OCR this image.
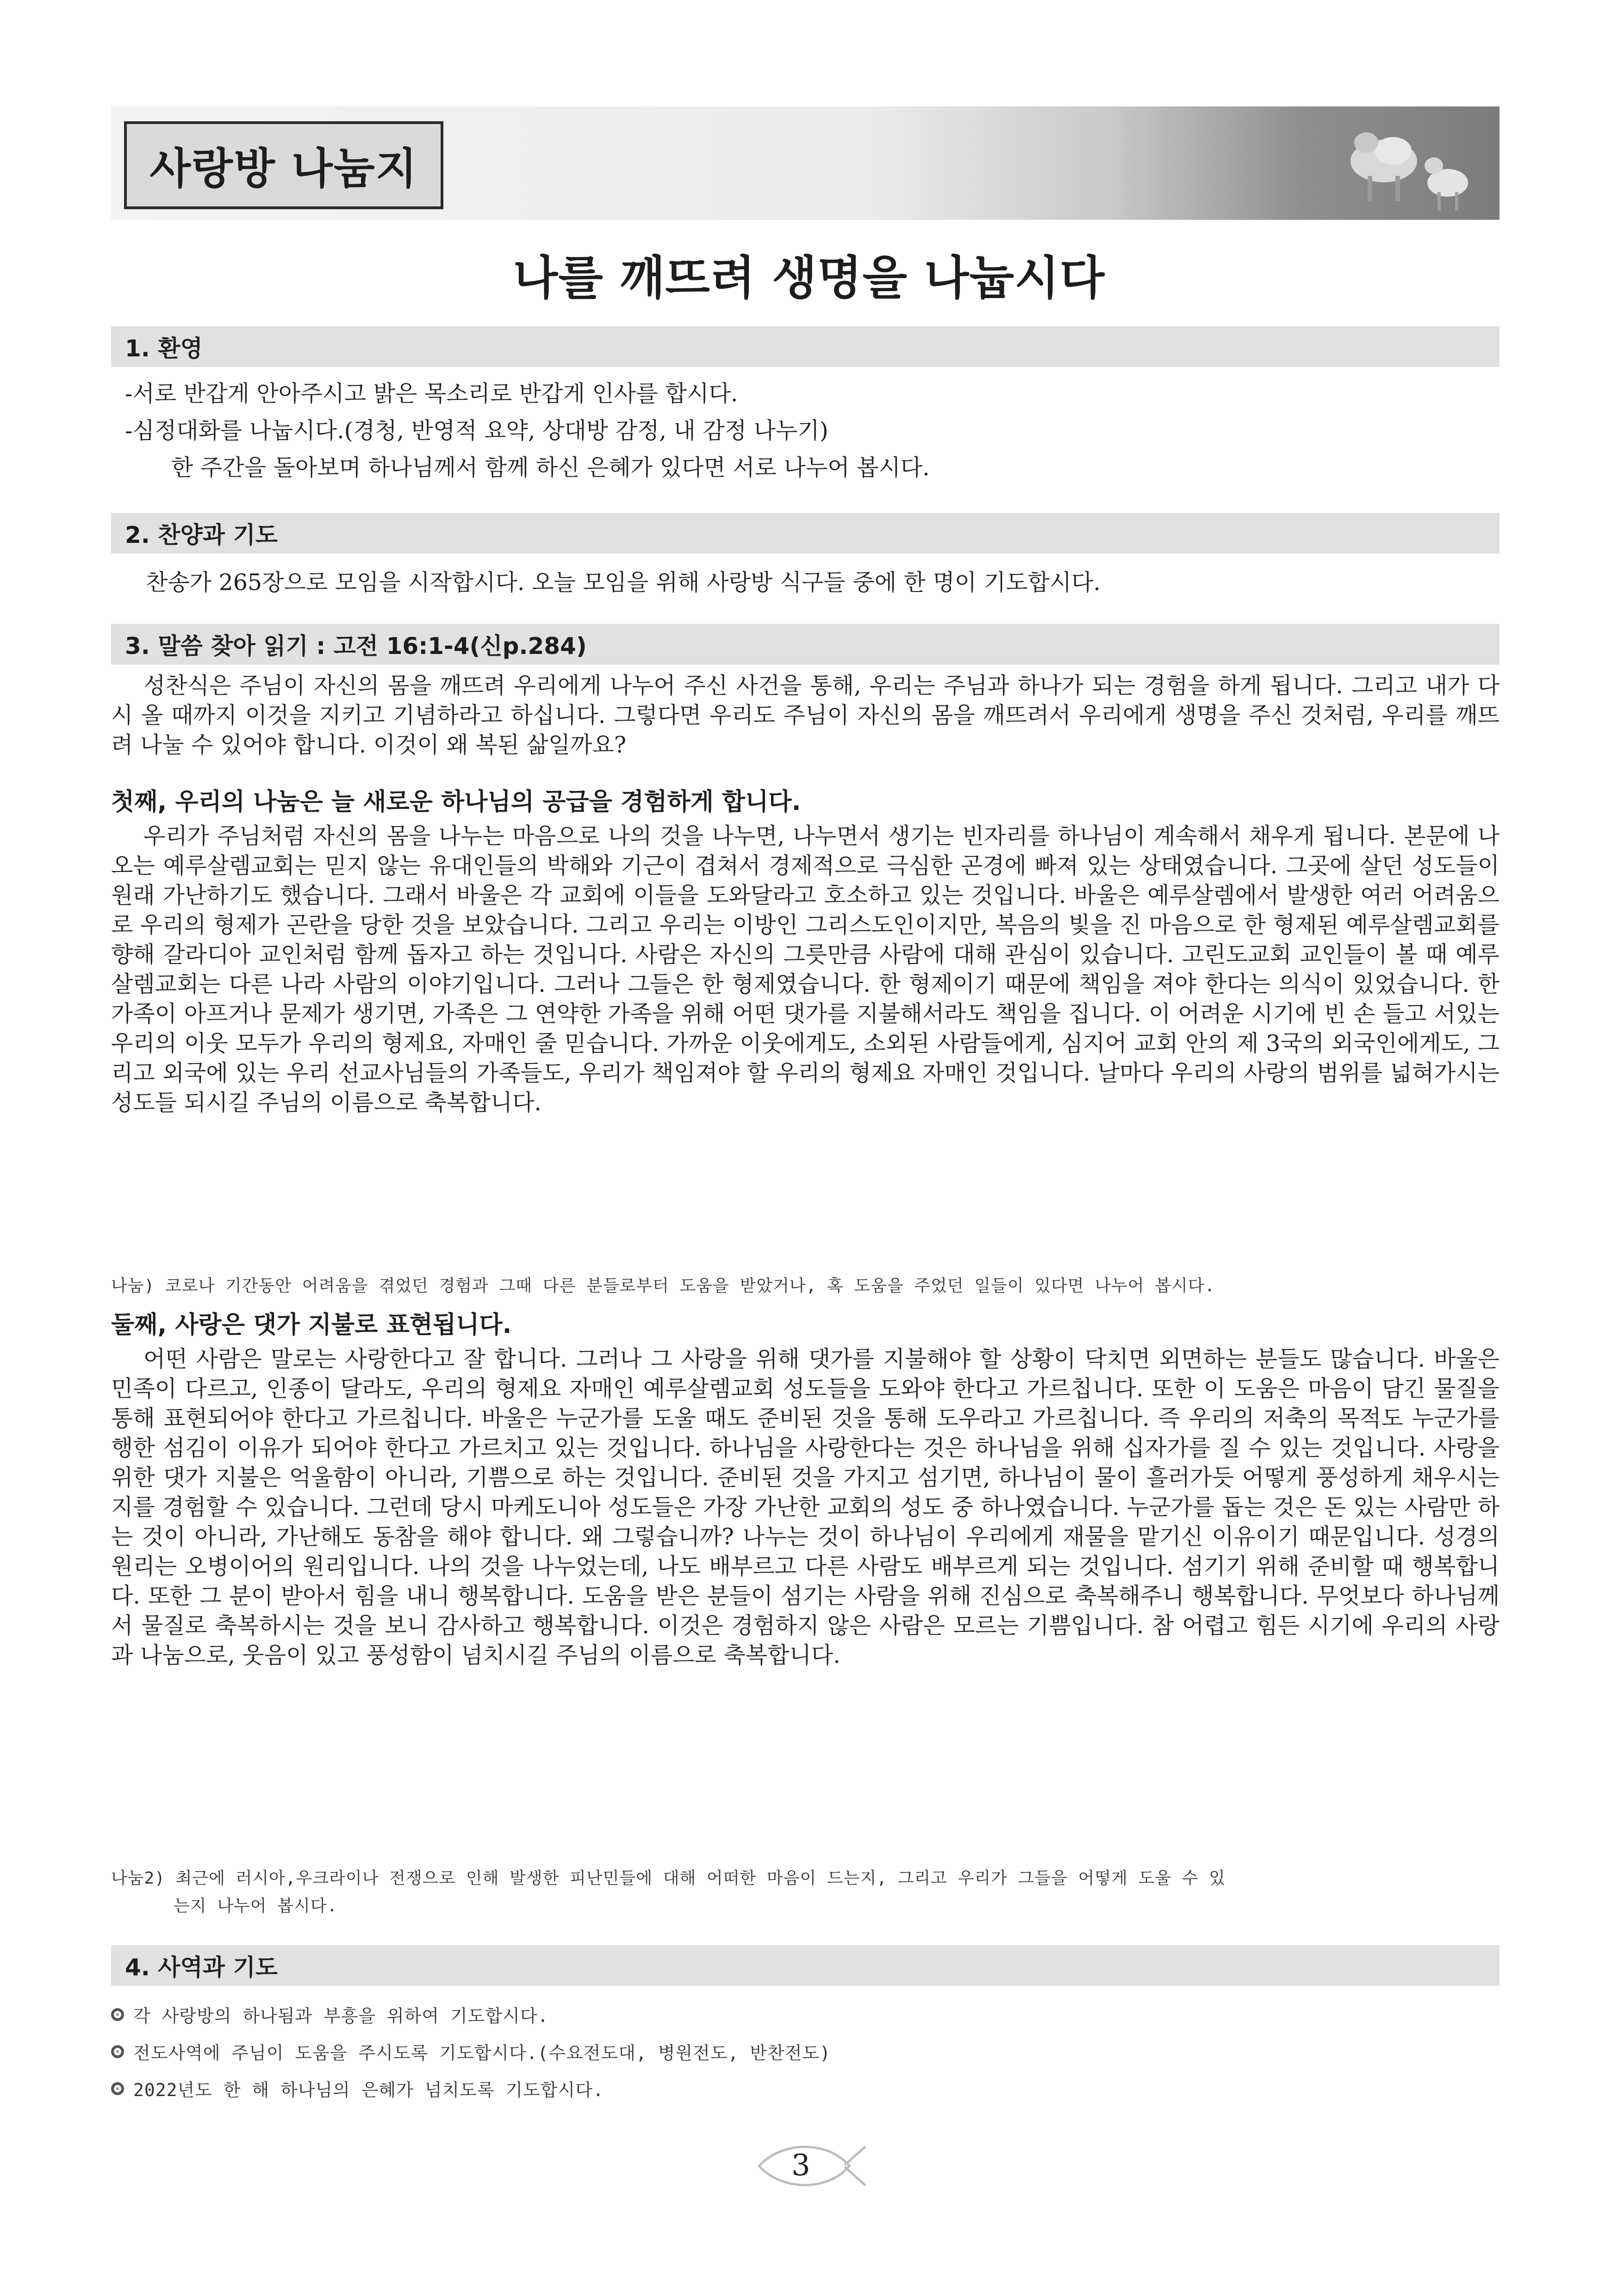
사랑방 나눔지
나를 깨뜨려 생명을 나눕시다
1. 환영
-서로 반갑게 안아주시고 밝은 목소리로 반갑게 인사를 합시다.
-심정대화를 나눕시다.(경청, 반영적 요약, 상대방 감정, 내 감정 나누기)
한 주간을 돌아보며 하나님께서 함께 하신 은혜가 있다면 서로 나누어 봅시다.
2. 찬양과 기도
찬송가 265장으로 모임을 시작합시다. 오늘 모임을 위해 사랑방 식구들 중에 한 명이 기도합시다.
3. 말씀 찾아 읽기 : 고전 16:1-4(신p.284)
성찬식은 주님이 자신의 몸을 깨뜨려 우리에게 나누어 주신 사건을 통해, 우리는 주님과 하나가 되는 경험을 하게 됩니다. 그리고 내가 다시 올 때까지 이것을 지키고 기념하라고 하십니다. 그렇다면 우리도 주님이 자신의 몸을 깨뜨려서 우리에게 생명을 주신 것처럼, 우리를 깨뜨려 나눌 수 있어야 합니다. 이것이 왜 복된 삶일까요?
첫째, 우리의 나눔은 늘 새로운 하나님의 공급을 경험하게 합니다.
우리가 주님처럼 자신의 몸을 나누는 마음으로 나의 것을 나누면, 나누면서 생기는 빈자리를 하나님이 계속해서 채우게 됩니다. 본문에 나오는 예루살렘교회는 믿지 않는 유대인들의 박해와 기근이 겹쳐서 경제적으로 극심한 곤경에 빠져 있는 상태였습니다. 그곳에 살던 성도들이 원래 가난하기도 했습니다. 그래서 바울은 각 교회에 이들을 도와달라고 호소하고 있는 것입니다. 바울은 예루살렘에서 발생한 여러 어려움으로 우리의 형제가 곤란을 당한 것을 보았습니다. 그리고 우리는 이방인 그리스도인이지만, 복음의 빛을 진 마음으로 한 형제된 예루살렘교회를 향해 갈라디아 교인처럼 함께 돕자고 하는 것입니다. 사람은 자신의 그릇만큼 사람에 대해 관심이 있습니다. 고린도교회 교인들이 볼 때 예루살렘교회는 다른 나라 사람의 이야기입니다. 그러나 그들은 한 형제였습니다. 한 형제이기 때문에 책임을 져야 한다는 의식이 있었습니다. 한 가족이 아프거나 문제가 생기면, 가족은 그 연약한 가족을 위해 어떤 댓가를 지불해서라도 책임을 집니다. 이 어려운 시기에 빈 손 들고 서있는 우리의 이웃 모두가 우리의 형제요, 자매인 줄 믿습니다. 가까운 이웃에게도, 소외된 사람들에게, 심지어 교회 안의 제 3국의 외국인에게도, 그리고 외국에 있는 우리 선교사님들의 가족들도, 우리가 책임져야 할 우리의 형제요 자매인 것입니다. 날마다 우리의 사랑의 범위를 넓혀가시는 성도들 되시길 주님의 이름으로 축복합니다.
나눔) 코로나 기간동안 어려움을 겪었던 경험과 그때 다른 분들로부터 도움을 받았거나, 혹 도움을 주었던 일들이 있다면 나누어 봅시다.
둘째, 사랑은 댓가 지불로 표현됩니다.
어떤 사람은 말로는 사랑한다고 잘 합니다. 그러나 그 사랑을 위해 댓가를 지불해야 할 상황이 닥치면 외면하는 분들도 많습니다. 바울은 민족이 다르고, 인종이 달라도, 우리의 형제요 자매인 예루살렘교회 성도들을 도와야 한다고 가르칩니다. 또한 이 도움은 마음이 담긴 물질을 통해 표현되어야 한다고 가르칩니다. 바울은 누군가를 도울 때도 준비된 것을 통해 도우라고 가르칩니다. 즉 우리의 저축의 목적도 누군가를 행한 섬김이 이유가 되어야 한다고 가르치고 있는 것입니다. 하나님을 사랑한다는 것은 하나님을 위해 십자가를 질 수 있는 것입니다. 사랑을 위한 댓가 지불은 억울함이 아니라, 기쁨으로 하는 것입니다. 준비된 것을 가지고 섬기면, 하나님이 물이 흘러가듯 어떻게 풍성하게 채우시는 지를 경험할 수 있습니다. 그런데 당시 마케도니아 성도들은 가장 가난한 교회의 성도 중 하나였습니다. 누군가를 돕는 것은 돈 있는 사람만 하는 것이 아니라, 가난해도 동참을 해야 합니다. 왜 그렇습니까? 나누는 것이 하나님이 우리에게 재물을 맡기신 이유이기 때문입니다. 성경의 원리는 오병이어의 원리입니다. 나의 것을 나누었는데, 나도 배부르고 다른 사람도 배부르게 되는 것입니다. 섬기기 위해 준비할 때 행복합니다. 또한 그 분이 받아서 힘을 내니 행복합니다. 도움을 받은 분들이 섬기는 사람을 위해 진심으로 축복해주니 행복합니다. 무엇보다 하나님께서 물질로 축복하시는 것을 보니 감사하고 행복합니다. 이것은 경험하지 않은 사람은 모르는 기쁨입니다. 참 어렵고 힘든 시기에 우리의 사랑과 나눔으로, 웃음이 있고 풍성함이 넘치시길 주님의 이름으로 축복합니다.
나눔2) 최근에 러시아,우크라이나 전쟁으로 인해 발생한 피난민들에 대해 어떠한 마음이 드는지, 그리고 우리가 그들을 어떻게 도울 수 있
는지 나누어 봅시다.
4. 사역과 기도
각 사랑방의 하나됨과 부흥을 위하여 기도합시다.
전도사역에 주님이 도움을 주시도록 기도합시다.(수요전도대, 병원전도, 반찬전도)
2022년도 한 해 하나님의 은혜가 넘치도록 기도합시다.
3
